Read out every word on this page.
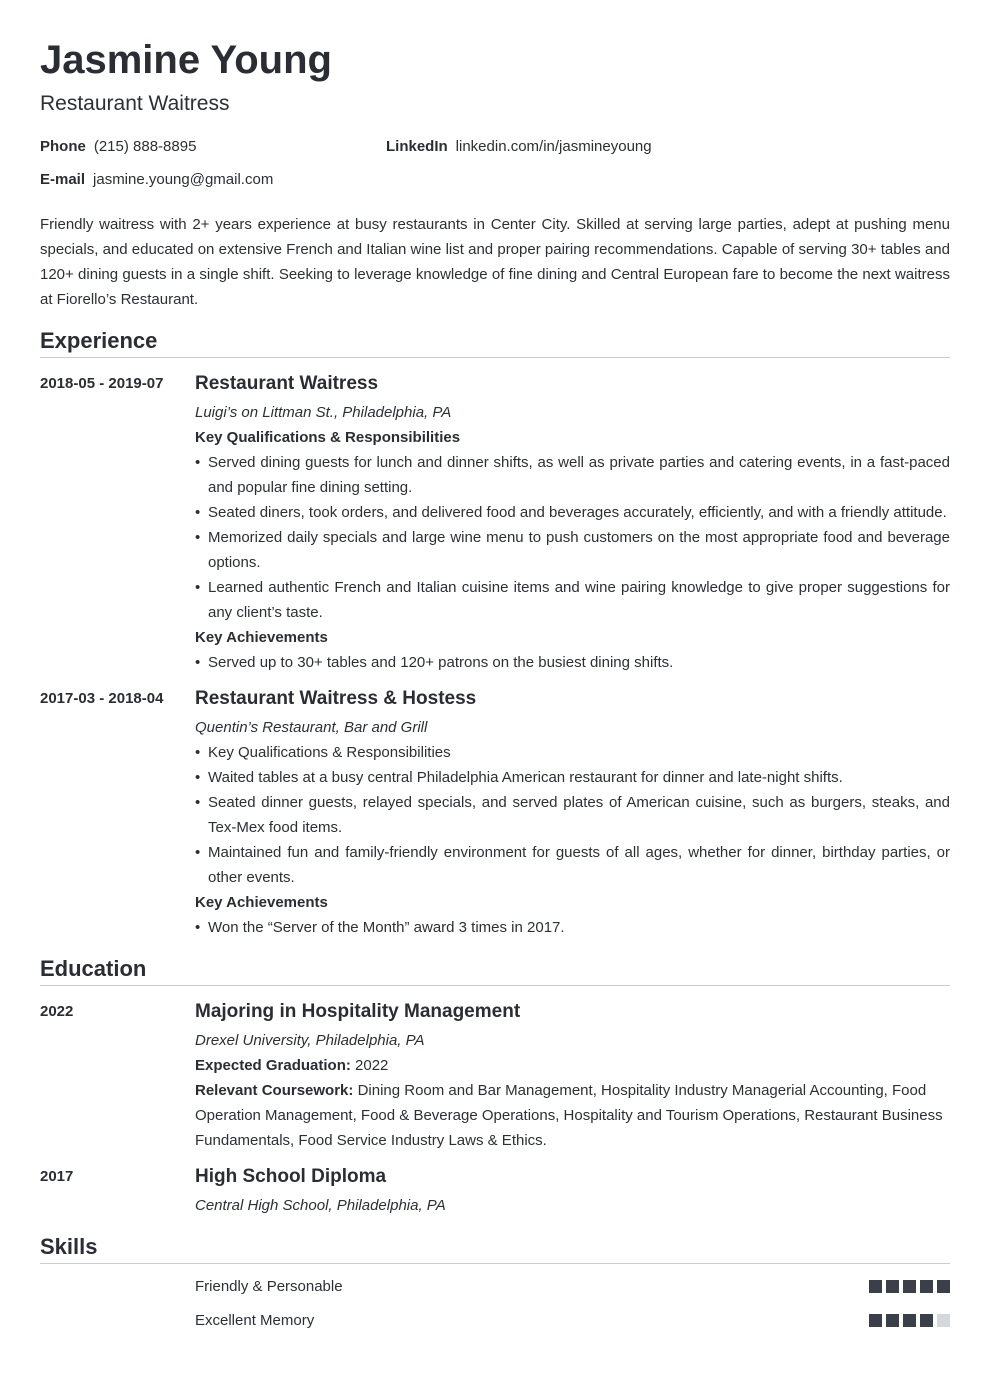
Jasmine Young
Restaurant Waitress
Phone (215) 888-8895	LinkedIn linkedin.com/in/jasmineyoung
E-mail jasmine.young@gmail.com
Friendly waitress with 2+ years experience at busy restaurants in Center City. Skilled at serving large parties, adept at pushing menu specials, and educated on extensive French and Italian wine list and proper pairing recommendations. Capable of serving 30+ tables and 120+ dining guests in a single shift. Seeking to leverage knowledge of fine dining and Central European fare to become the next waitress at Fiorello’s Restaurant.
Experience
2018-05 - 2019-07 Restaurant Waitress
Luigi’s on Littman St., Philadelphia, PA
Key Qualifications & Responsibilities
• Served dining guests for lunch and dinner shifts, as well as private parties and catering events, in a fast-paced and popular fine dining setting.
• Seated diners, took orders, and delivered food and beverages accurately, efficiently, and with a friendly attitude.
• Memorized daily specials and large wine menu to push customers on the most appropriate food and beverage options.
• Learned authentic French and Italian cuisine items and wine pairing knowledge to give proper suggestions for any client’s taste.
Key Achievements
• Served up to 30+ tables and 120+ patrons on the busiest dining shifts.
2017-03 - 2018-04 Restaurant Waitress & Hostess
Quentin’s Restaurant, Bar and Grill
• Key Qualifications & Responsibilities
• Waited tables at a busy central Philadelphia American restaurant for dinner and late-night shifts.
• Seated dinner guests, relayed specials, and served plates of American cuisine, such as burgers, steaks, and Tex-Mex food items.
• Maintained fun and family-friendly environment for guests of all ages, whether for dinner, birthday parties, or other events.
Key Achievements
• Won the “Server of the Month” award 3 times in 2017.
Education
2022	Majoring in Hospitality Management
Drexel University, Philadelphia, PA
Expected Graduation: 2022
Relevant Coursework: Dining Room and Bar Management, Hospitality Industry Managerial Accounting, Food Operation Management, Food & Beverage Operations, Hospitality and Tourism Operations, Restaurant Business Fundamentals, Food Service Industry Laws & Ethics.
2017	High School Diploma
Central High School, Philadelphia, PA
Skills
Friendly & Personable
Excellent Memory
